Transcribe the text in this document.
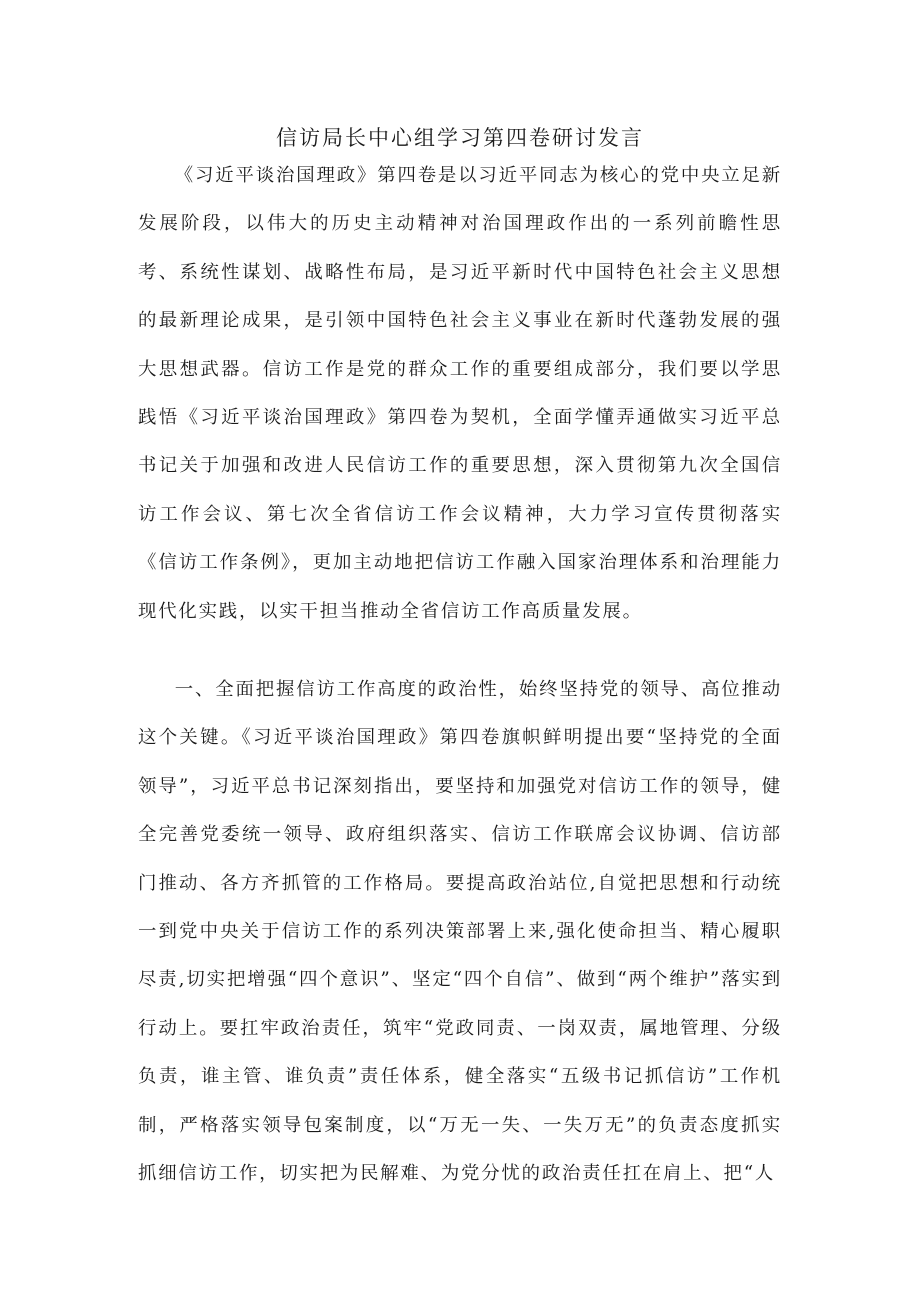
信访局长中心组学习第四卷研讨发言

《习近平谈治国理政》第四卷是以习近平同志为核心的党中央立足新发展阶段，以伟大的历史主动精神对治国理政作出的一系列前瞻性思考、系统性谋划、战略性布局，是习近平新时代中国特色社会主义思想的最新理论成果，是引领中国特色社会主义事业在新时代蓬勃发展的强大思想武器。信访工作是党的群众工作的重要组成部分，我们要以学思践悟《习近平谈治国理政》第四卷为契机，全面学懂弄通做实习近平总书记关于加强和改进人民信访工作的重要思想，深入贯彻第九次全国信访工作会议、第七次全省信访工作会议精神，大力学习宣传贯彻落实《信访工作条例》，更加主动地把信访工作融入国家治理体系和治理能力现代化实践，以实干担当推动全省信访工作高质量发展。

一、全面把握信访工作高度的政治性，始终坚持党的领导、高位推动这个关键。《习近平谈治国理政》第四卷旗帜鲜明提出要“坚持党的全面领导”，习近平总书记深刻指出，要坚持和加强党对信访工作的领导，健全完善党委统一领导、政府组织落实、信访工作联席会议协调、信访部门推动、各方齐抓管的工作格局。要提高政治站位,自觉把思想和行动统一到党中央关于信访工作的系列决策部署上来,强化使命担当、精心履职尽责,切实把增强“四个意识”、坚定“四个自信”、做到“两个维护”落实到行动上。要扛牢政治责任，筑牢“党政同责、一岗双责，属地管理、分级负责，谁主管、谁负责”责任体系，健全落实“五级书记抓信访”工作机制，严格落实领导包案制度，以“万无一失、一失万无”的负责态度抓实抓细信访工作，切实把为民解难、为党分忧的政治责任扛在肩上、把“人
